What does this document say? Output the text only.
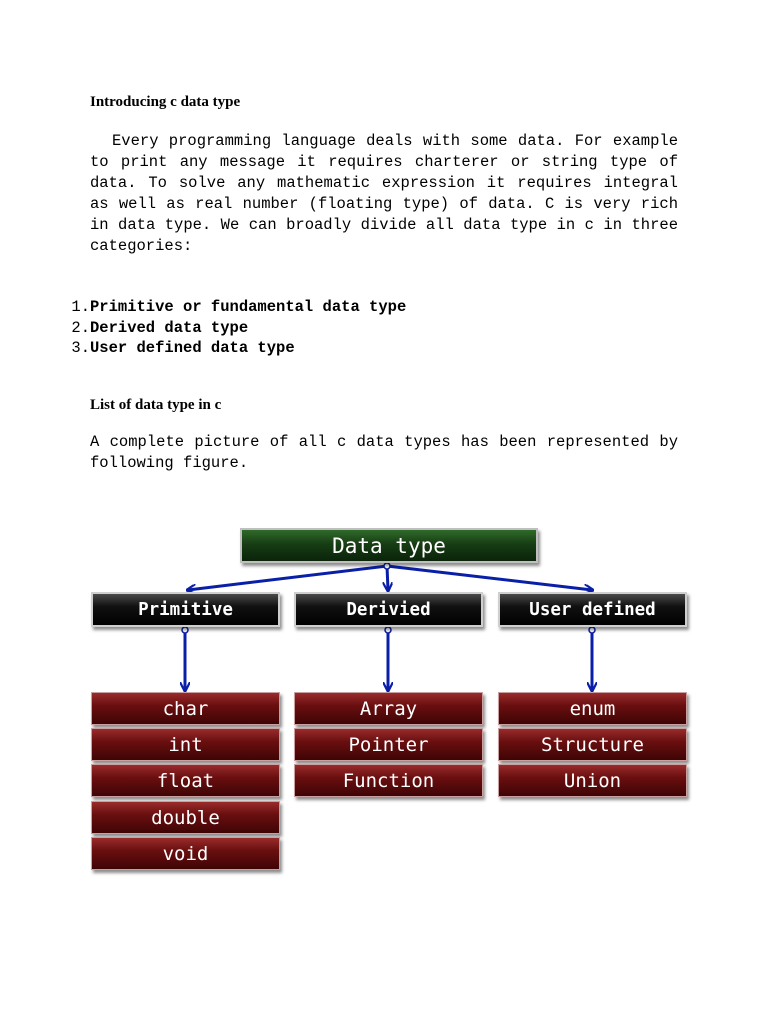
Introducing c data type
Every programming language deals with some data. For example to print any message it requires charterer or string type of data. To solve any mathematic expression it requires integral as well as real number (floating type) of data. C is very rich in data type. We can broadly divide all data type in c in three categories:
1.Primitive or fundamental data type
2.Derived data type
3.User defined data type
List of data type in c
A complete picture of all c data types has been represented by following figure.
Data type
Primitive	Derivied	User defined
char
int
float
double
void
Array
Pointer
Function
enum
Structure
Union
